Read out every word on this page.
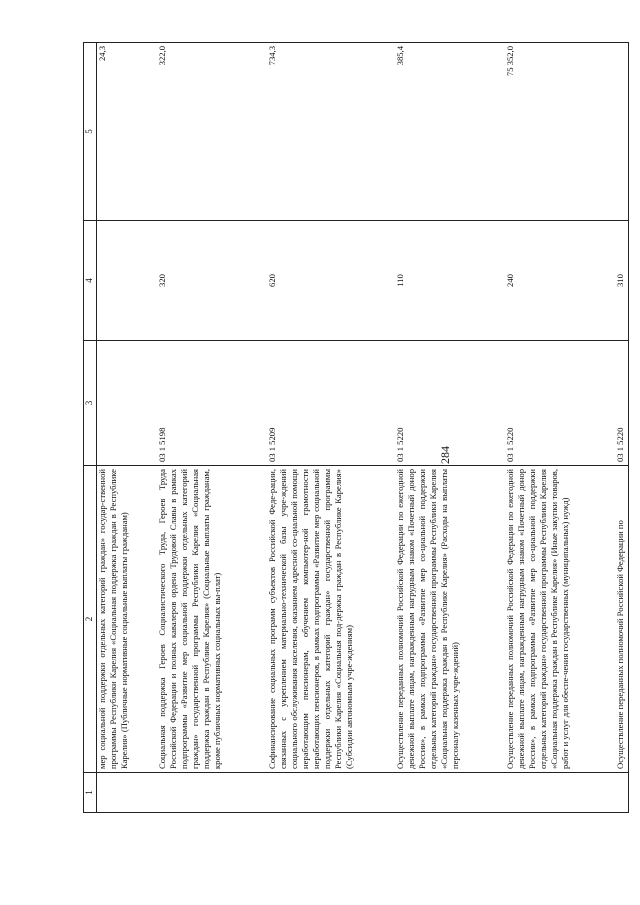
284
1	2	3	4	5
	мер социальной поддержки отдельных категорий граждан» государ-ственной программы Республики Карелия «Социальная поддержка граждан в Республике Карелия» (Публичные нормативные социальные выплаты гражданам)			24,3
	Социальная поддержка Героев Социалистического Труда, Героев Труда Российской Федерации и полных кавалеров ордена Трудовой Славы в рамках подпрограммы «Развитие мер социальной поддержки отдельных категорий граждан» государственной программы Республики Карелия «Социальная поддержка граждан в Республике Карелия» (Социальные выплаты гражданам, кроме публичных нормативных социальных вы-плат)	03 1 5198	320	322,0
	Софинансирование социальных программ субъектов Российской Феде-рации, связанных с укреплением материально-технической базы учре-ждений социального обслуживания населения, оказанием адресной со-циальной помощи неработающим пенсионерам, обучением компьютер-ной грамотности неработающих пенсионеров, в рамках подпрограммы «Развитие мер социальной поддержки отдельных категорий граждан» государственной программы Республики Карелия «Социальная под-держка граждан в Республике Карелия» (Субсидии автономным учре-ждениям)	03 1 5209	620	734,3
	Осуществление переданных полномочий Российской Федерации по ежегодной денежной выплате лицам, награжденным нагрудным знаком «Почетный донор России», в рамках подпрограммы «Развитие мер со-циальной поддержки отдельных категорий граждан» государственной программы Республики Карелия «Социальная поддержка граждан в Республике Карелия» (Расходы на выплаты персоналу казенных учре-ждений)	03 1 5220	110	385,4
	Осуществление переданных полномочий Российской Федерации по ежегодной денежной выплате лицам, награжденным нагрудным знаком «Почетный донор России», в рамках подпрограммы «Развитие мер со-циальной поддержки отдельных категорий граждан» государственной программы Республики Карелия «Социальная поддержка граждан в Республике Карелия» (Иные закупки товаров, работ и услуг для обеспе-чения государственных (муниципальных) нужд)	03 1 5220	240	75 352,0
	Осуществление переданных полномочий Российской Федерации по	03 1 5220	310	
